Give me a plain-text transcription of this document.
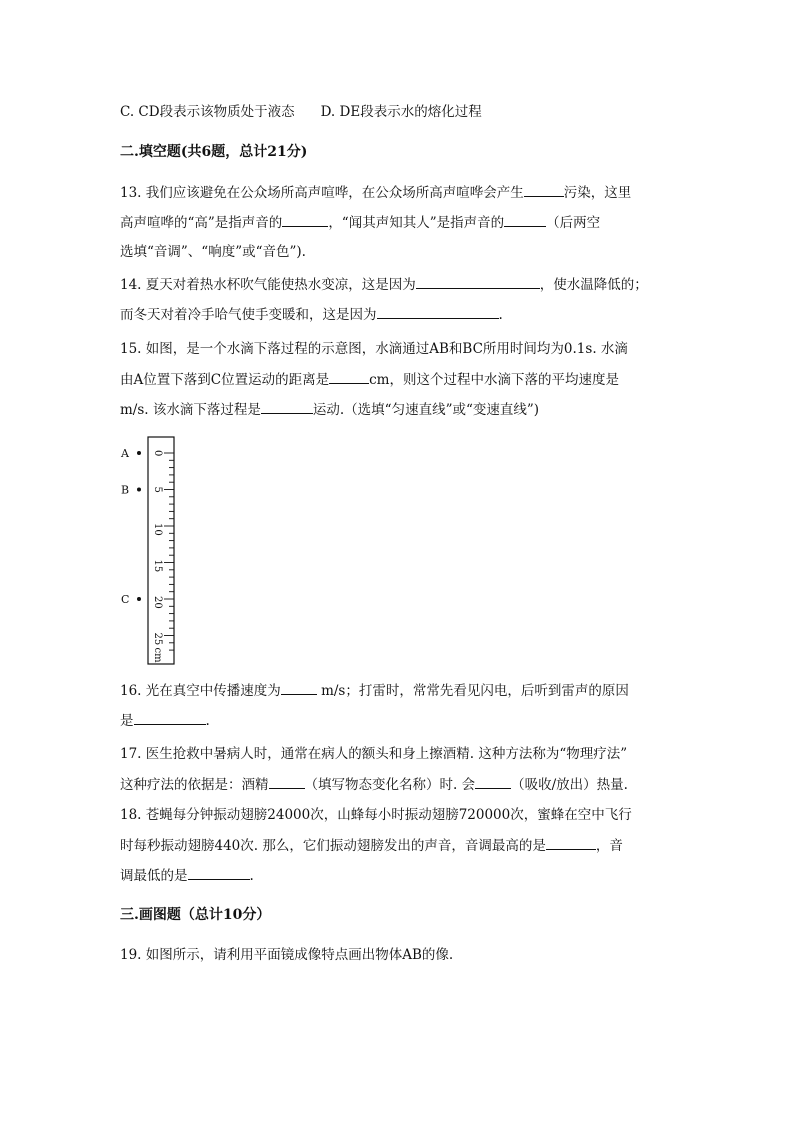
C. CD段表示该物质处于液态 D. DE段表示水的熔化过程
二.填空题(共6题，总计21分)
13. 我们应该避免在公众场所高声喧哗，在公众场所高声喧哗会产生	污染，这里
高声喧哗的“高”是指声音的	，“闻其声知其人”是指声音的	（后两空
选填“音调”、“响度”或“音色”).
14. 夏天对着热水杯吹气能使热水变凉，这是因为	，使水温降低的；
而冬天对着冷手哈气使手变暖和，这是因为	.
15. 如图，是一个水滴下落过程的示意图，水滴通过AB和BC所用时间均为0.1s. 水滴
由A位置下落到C位置运动的距离是	cm，则这个过程中水滴下落的平均速度是
m/s. 该水滴下落过程是	运动.（选填“匀速直线”或“变速直线”)
0
5
10
15
20
25
cm
A
B
C
16. 光在真空中传播速度为	m/s；打雷时，常常先看见闪电，后听到雷声的原因
是	.
17. 医生抢救中暑病人时，通常在病人的额头和身上擦酒精. 这种方法称为“物理疗法”
这种疗法的依据是：酒精	（填写物态变化名称）时. 会	（吸收/放出）热量.
18. 苍蝇每分钟振动翅膀24000次，山蜂每小时振动翅膀720000次，蜜蜂在空中飞行
时每秒振动翅膀440次. 那么，它们振动翅膀发出的声音，音调最高的是	，音
调最低的是	.
三.画图题（总计10分）
19. 如图所示，请利用平面镜成像特点画出物体AB的像.
